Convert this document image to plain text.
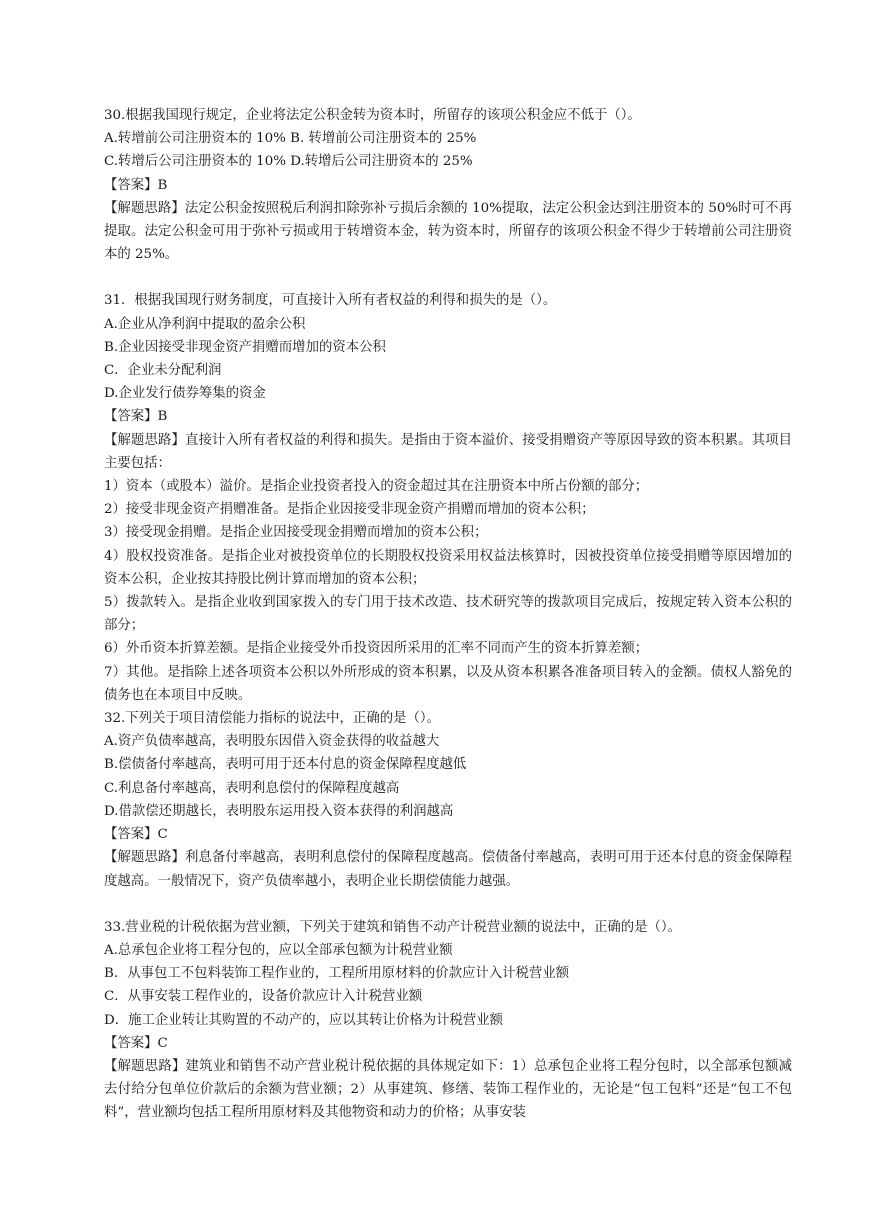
30.根据我国现行规定，企业将法定公积金转为资本时，所留存的该项公积金应不低于（）。
A.转增前公司注册资本的 10% B. 转增前公司注册资本的 25%
C.转增后公司注册资本的 10% D.转增后公司注册资本的 25%
【答案】B
【解题思路】法定公积金按照税后利润扣除弥补亏损后余额的 10%提取，法定公积金达到注册资本的 50%时可不再提取。法定公积金可用于弥补亏损或用于转增资本金，转为资本时，所留存的该项公积金不得少于转增前公司注册资本的 25%。
31．根据我国现行财务制度，可直接计入所有者权益的利得和损失的是（）。
A.企业从净利润中提取的盈余公积
B.企业因接受非现金资产捐赠而增加的资本公积
C．企业未分配利润
D.企业发行债券筹集的资金
【答案】B
【解题思路】直接计入所有者权益的利得和损失。是指由于资本溢价、接受捐赠资产等原因导致的资本积累。其项目主要包括：
1）资本（或股本）溢价。是指企业投资者投入的资金超过其在注册资本中所占份额的部分；
2）接受非现金资产捐赠准备。是指企业因接受非现金资产捐赠而增加的资本公积；
3）接受现金捐赠。是指企业因接受现金捐赠而增加的资本公积；
4）股权投资准备。是指企业对被投资单位的长期股权投资采用权益法核算时，因被投资单位接受捐赠等原因增加的资本公积，企业按其持股比例计算而增加的资本公积；
5）拨款转入。是指企业收到国家拨入的专门用于技术改造、技术研究等的拨款项目完成后，按规定转入资本公积的部分；
6）外币资本折算差额。是指企业接受外币投资因所采用的汇率不同而产生的资本折算差额；
7）其他。是指除上述各项资本公积以外所形成的资本积累，以及从资本积累各准备项目转入的金额。债权人豁免的债务也在本项目中反映。
32.下列关于项目清偿能力指标的说法中，正确的是（）。
A.资产负债率越高，表明股东因借入资金获得的收益越大
B.偿债备付率越高，表明可用于还本付息的资金保障程度越低
C.利息备付率越高，表明利息偿付的保障程度越高
D.借款偿还期越长，表明股东运用投入资本获得的利润越高
【答案】C
【解题思路】利息备付率越高，表明利息偿付的保障程度越高。偿债备付率越高，表明可用于还本付息的资金保障程度越高。一般情况下，资产负债率越小，表明企业长期偿债能力越强。
33.营业税的计税依据为营业额，下列关于建筑和销售不动产计税营业额的说法中，正确的是（）。
A.总承包企业将工程分包的，应以全部承包额为计税营业额
B．从事包工不包料装饰工程作业的，工程所用原材料的价款应计入计税营业额
C．从事安装工程作业的，设备价款应计入计税营业额
D．施工企业转让其购置的不动产的，应以其转让价格为计税营业额
【答案】C
【解题思路】建筑业和销售不动产营业税计税依据的具体规定如下：1）总承包企业将工程分包时，以全部承包额减去付给分包单位价款后的余额为营业额；2）从事建筑、修缮、装饰工程作业的，无论是“包工包料”还是“包工不包料”，营业额均包括工程所用原材料及其他物资和动力的价格；从事安装
